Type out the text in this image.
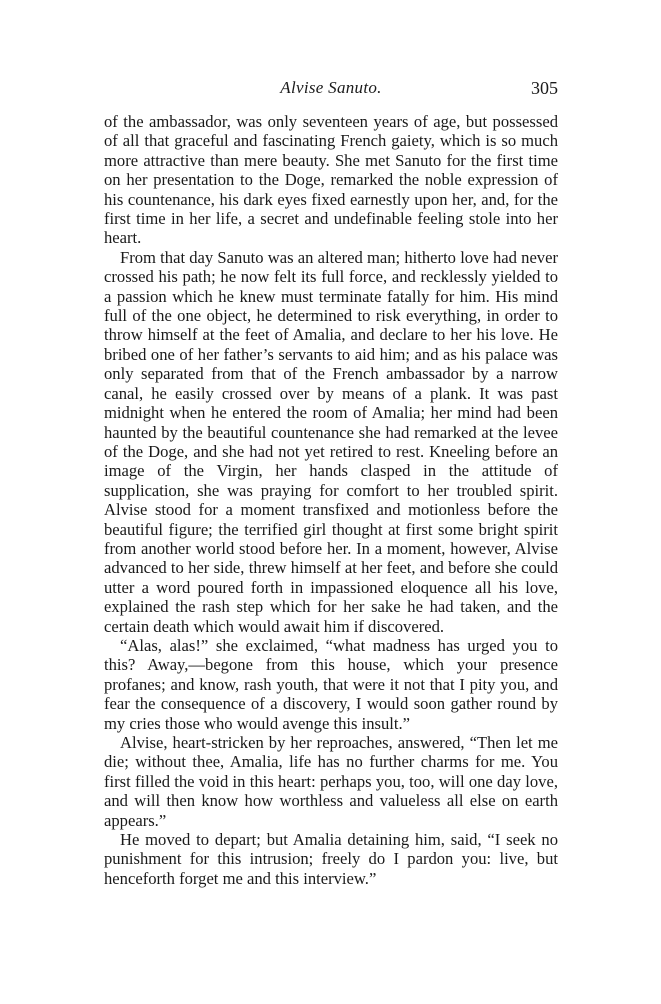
Alvise Sanuto.	305

of the ambassador, was only seventeen years of age, but possessed of all that graceful and fascinating French gaiety, which is so much more attractive than mere beauty. She met Sanuto for the first time on her presentation to the Doge, remarked the noble expression of his countenance, his dark eyes fixed earnestly upon her, and, for the first time in her life, a secret and undefinable feeling stole into her heart.

From that day Sanuto was an altered man; hitherto love had never crossed his path; he now felt its full force, and recklessly yielded to a passion which he knew must terminate fatally for him. His mind full of the one object, he determined to risk everything, in order to throw himself at the feet of Amalia, and declare to her his love. He bribed one of her father’s servants to aid him; and as his palace was only separated from that of the French ambassador by a narrow canal, he easily crossed over by means of a plank. It was past midnight when he entered the room of Amalia; her mind had been haunted by the beautiful countenance she had remarked at the levee of the Doge, and she had not yet retired to rest. Kneeling before an image of the Virgin, her hands clasped in the attitude of supplication, she was praying for comfort to her troubled spirit. Alvise stood for a moment transfixed and motionless before the beautiful figure; the terrified girl thought at first some bright spirit from another world stood before her. In a moment, however, Alvise advanced to her side, threw himself at her feet, and before she could utter a word poured forth in impassioned eloquence all his love, explained the rash step which for her sake he had taken, and the certain death which would await him if discovered.

“Alas, alas!” she exclaimed, “what madness has urged you to this? Away,—begone from this house, which your presence profanes; and know, rash youth, that were it not that I pity you, and fear the consequence of a discovery, I would soon gather round by my cries those who would avenge this insult.”

Alvise, heart-stricken by her reproaches, answered, “Then let me die; without thee, Amalia, life has no further charms for me. You first filled the void in this heart: perhaps you, too, will one day love, and will then know how worthless and valueless all else on earth appears.”

He moved to depart; but Amalia detaining him, said, “I seek no punishment for this intrusion; freely do I pardon you: live, but henceforth forget me and this interview.”
